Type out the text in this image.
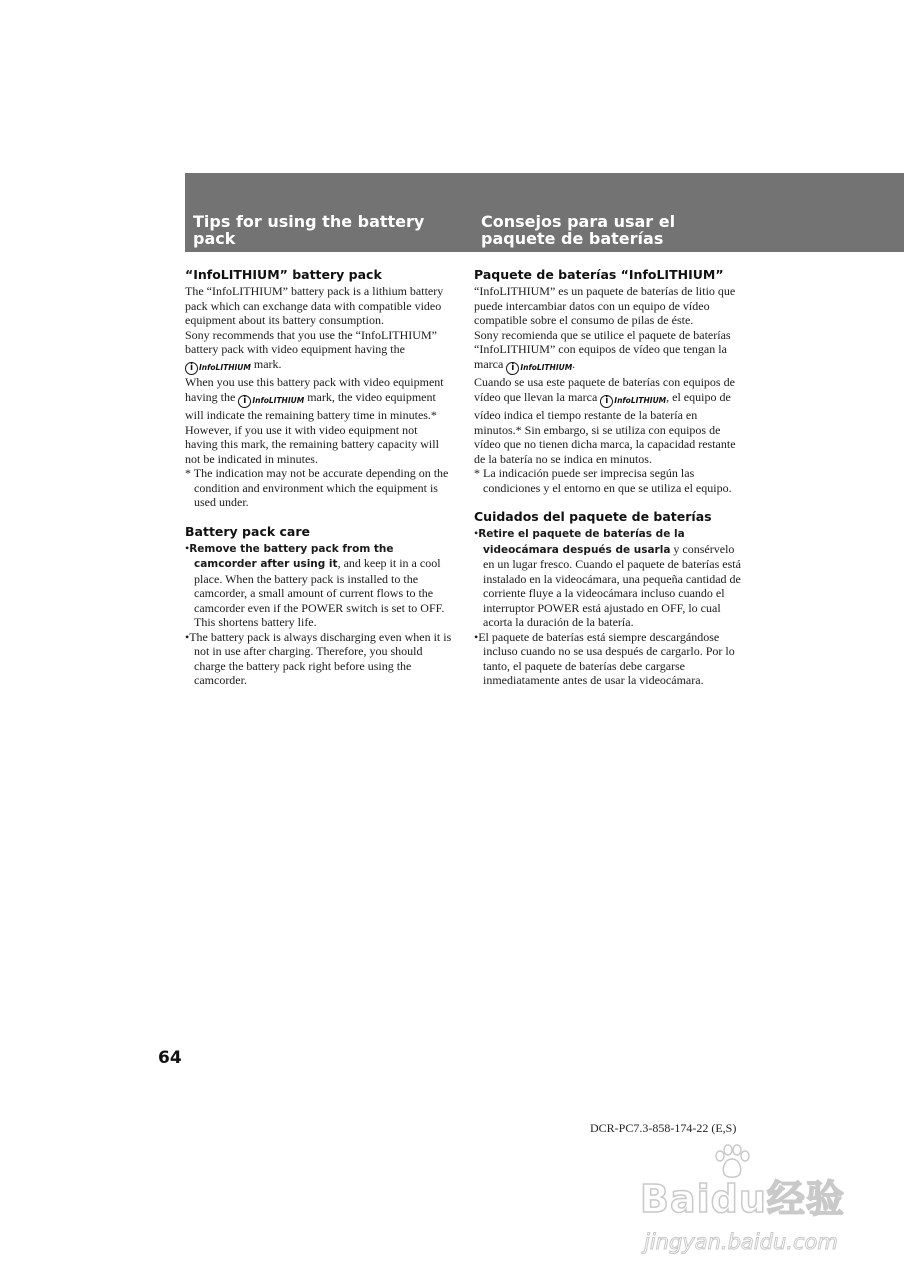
Tips for using the battery pack
Consejos para usar el paquete de baterías
“InfoLITHIUM” battery pack

The “InfoLITHIUM” battery pack is a lithium battery pack which can exchange data with compatible video equipment about its battery consumption.

Sony recommends that you use the “InfoLITHIUM” battery pack with video equipment having the i InfoLITHIUM mark.

When you use this battery pack with video equipment having the i InfoLITHIUM mark, the video equipment will indicate the remaining battery time in minutes.* However, if you use it with video equipment not having this mark, the remaining battery capacity will not be indicated in minutes.

* The indication may not be accurate depending on the condition and environment which the equipment is used under.

Battery pack care

•Remove the battery pack from the camcorder after using it, and keep it in a cool place. When the battery pack is installed to the camcorder, a small amount of current flows to the camcorder even if the POWER switch is set to OFF. This shortens battery life.

•The battery pack is always discharging even when it is not in use after charging. Therefore, you should charge the battery pack right before using the camcorder.

Paquete de baterías “InfoLITHIUM”

“InfoLITHIUM” es un paquete de baterías de litio que puede intercambiar datos con un equipo de vídeo compatible sobre el consumo de pilas de éste.

Sony recomienda que se utilice el paquete de baterías “InfoLITHIUM” con equipos de vídeo que tengan la marca i InfoLITHIUM.

Cuando se usa este paquete de baterías con equipos de vídeo que llevan la marca i InfoLITHIUM, el equipo de vídeo indica el tiempo restante de la batería en minutos.* Sin embargo, si se utiliza con equipos de vídeo que no tienen dicha marca, la capacidad restante de la batería no se indica en minutos.

* La indicación puede ser imprecisa según las condiciones y el entorno en que se utiliza el equipo.

Cuidados del paquete de baterías

•Retire el paquete de baterías de la videocámara después de usarla y consérvelo en un lugar fresco. Cuando el paquete de baterías está instalado en la videocámara, una pequeña cantidad de corriente fluye a la videocámara incluso cuando el interruptor POWER está ajustado en OFF, lo cual acorta la duración de la batería.

•El paquete de baterías está siempre descargándose incluso cuando no se usa después de cargarlo. Por lo tanto, el paquete de baterías debe cargarse inmediatamente antes de usar la videocámara.

64
DCR-PC7.3-858-174-22 (E,S)
Baidu经验
jingyan.baidu.com
